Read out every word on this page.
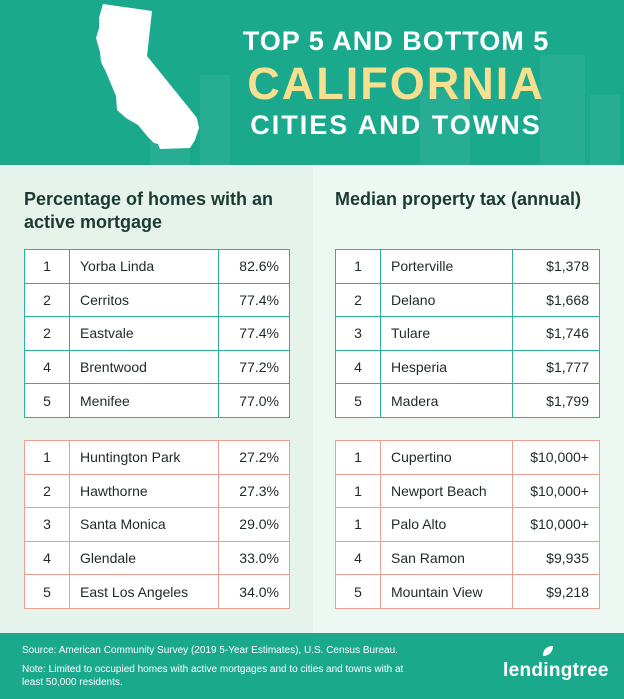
TOP 5 AND BOTTOM 5
CALIFORNIA
CITIES AND TOWNS
Percentage of homes with an active mortgage
1	Yorba Linda	82.6%
2	Cerritos	77.4%
2	Eastvale	77.4%
4	Brentwood	77.2%
5	Menifee	77.0%
1	Huntington Park	27.2%
2	Hawthorne	27.3%
3	Santa Monica	29.0%
4	Glendale	33.0%
5	East Los Angeles	34.0%
Median property tax (annual)
1	Porterville	$1,378
2	Delano	$1,668
3	Tulare	$1,746
4	Hesperia	$1,777
5	Madera	$1,799
1	Cupertino	$10,000+
1	Newport Beach	$10,000+
1	Palo Alto	$10,000+
4	San Ramon	$9,935
5	Mountain View	$9,218
Source: American Community Survey (2019 5-Year Estimates), U.S. Census Bureau.
Note: Limited to occupied homes with active mortgages and to cities and towns with at least 50,000 residents.
lendingtree
